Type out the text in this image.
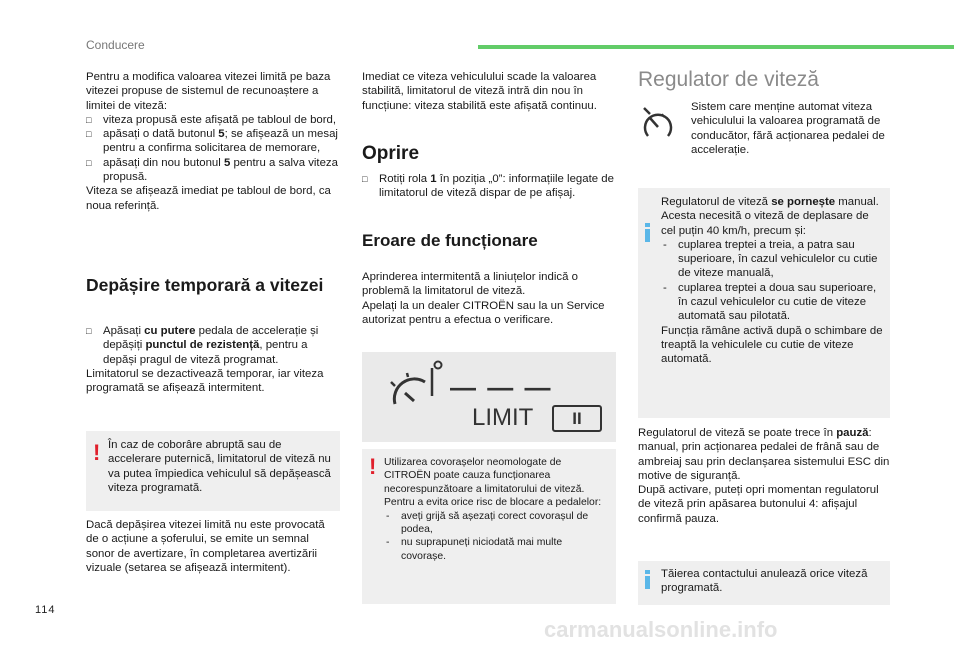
Conducere

Pentru a modifica valoarea vitezei limită pe baza vitezei propuse de sistemul de recunoaștere a limitei de viteză:

□ viteza propusă este afișată pe tabloul de bord,

□ apăsați o dată butonul 5; se afișează un mesaj pentru a confirma solicitarea de memorare,

□ apăsați din nou butonul 5 pentru a salva viteza propusă.

Viteza se afișează imediat pe tabloul de bord, ca noua referință.

Depășire temporară a vitezei

□ Apăsați cu putere pedala de accelerație și depășiți punctul de rezistență, pentru a depăși pragul de viteză programat.

Limitatorul se dezactivează temporar, iar viteza programată se afișează intermitent.

! În caz de coborâre abruptă sau de accelerare puternică, limitatorul de viteză nu va putea împiedica vehiculul să depășească viteza programată.
Dacă depășirea vitezei limită nu este provocată de o acțiune a șoferului, se emite un semnal sonor de avertizare, în completarea avertizării vizuale (setarea se afișează intermitent).
Imediat ce viteza vehiculului scade la valoarea stabilită, limitatorul de viteză intră din nou în funcțiune: viteza stabilită este afișată continuu.
Oprire

□ Rotiți rola 1 în poziția „0”: informațiile legate de limitatorul de viteză dispar de pe afișaj.

Eroare de funcționare
Aprinderea intermitentă a liniuțelor indică o problemă la limitatorul de viteză.
Apelați la un dealer CITROËN sau la un Service autorizat pentru a efectua o verificare.
— — —
LIMIT	II
! Utilizarea covorașelor neomologate de CITROËN poate cauza funcționarea necorespunzătoare a limitatorului de viteză.
Pentru a evita orice risc de blocare a pedalelor:

- aveți grijă să așezați corect covorașul de podea,

- nu suprapuneți niciodată mai multe covorașe.

Regulator de viteză
Sistem care menține automat viteza vehiculului la valoarea programată de conducător, fără acționarea pedalei de accelerație.

Regulatorul de viteză se pornește manual.

Acesta necesită o viteză de deplasare de cel puțin 40 km/h, precum și:

- cuplarea treptei a treia, a patra sau superioare, în cazul vehiculelor cu cutie de viteze manuală,

- cuplarea treptei a doua sau superioare, în cazul vehiculelor cu cutie de viteze automată sau pilotată.

Funcția rămâne activă după o schimbare de treaptă la vehiculele cu cutie de viteze automată.

Regulatorul de viteză se poate trece în pauză: manual, prin acționarea pedalei de frână sau de ambreiaj sau prin declanșarea sistemului ESC din motive de siguranță.
După activare, puteți opri momentan regulatorul de viteză prin apăsarea butonului 4: afișajul confirmă pauza.
Tăierea contactului anulează orice viteză programată.
114
carmanualsonline.info
